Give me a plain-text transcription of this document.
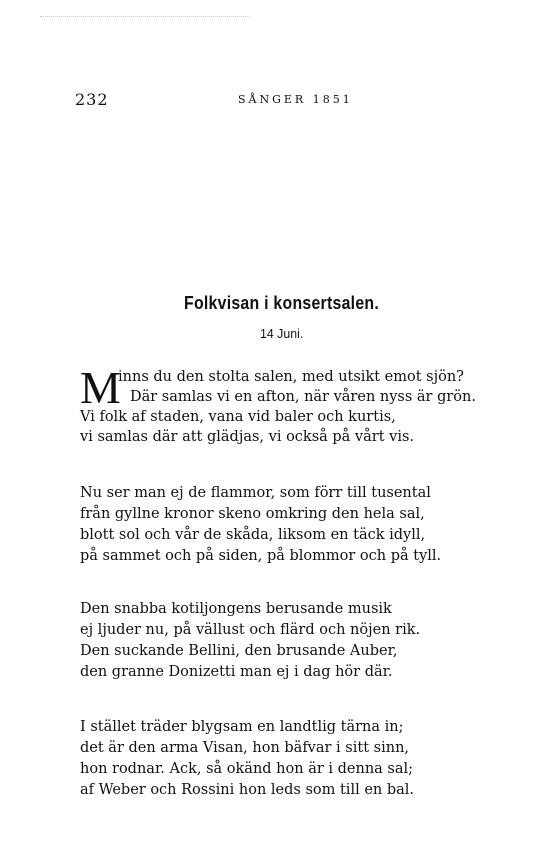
232	SÅNGER 1851
Folkvisan i konsertsalen.
14 Juni.
M
inns du den stolta salen, med utsikt emot sjön?
Där samlas vi en afton, när våren nyss är grön.
Vi folk af staden, vana vid baler och kurtis,
vi samlas där att glädjas, vi också på vårt vis.
Nu ser man ej de flammor, som förr till tusental
från gyllne kronor skeno omkring den hela sal,
blott sol och vår de skåda, liksom en täck idyll,
på sammet och på siden, på blommor och på tyll.
Den snabba kotiljongens berusande musik
ej ljuder nu, på vällust och flärd och nöjen rik.
Den suckande Bellini, den brusande Auber,
den granne Donizetti man ej i dag hör där.
I stället träder blygsam en landtlig tärna in;
det är den arma Visan, hon bäfvar i sitt sinn,
hon rodnar. Ack, så okänd hon är i denna sal;
af Weber och Rossini hon leds som till en bal.
